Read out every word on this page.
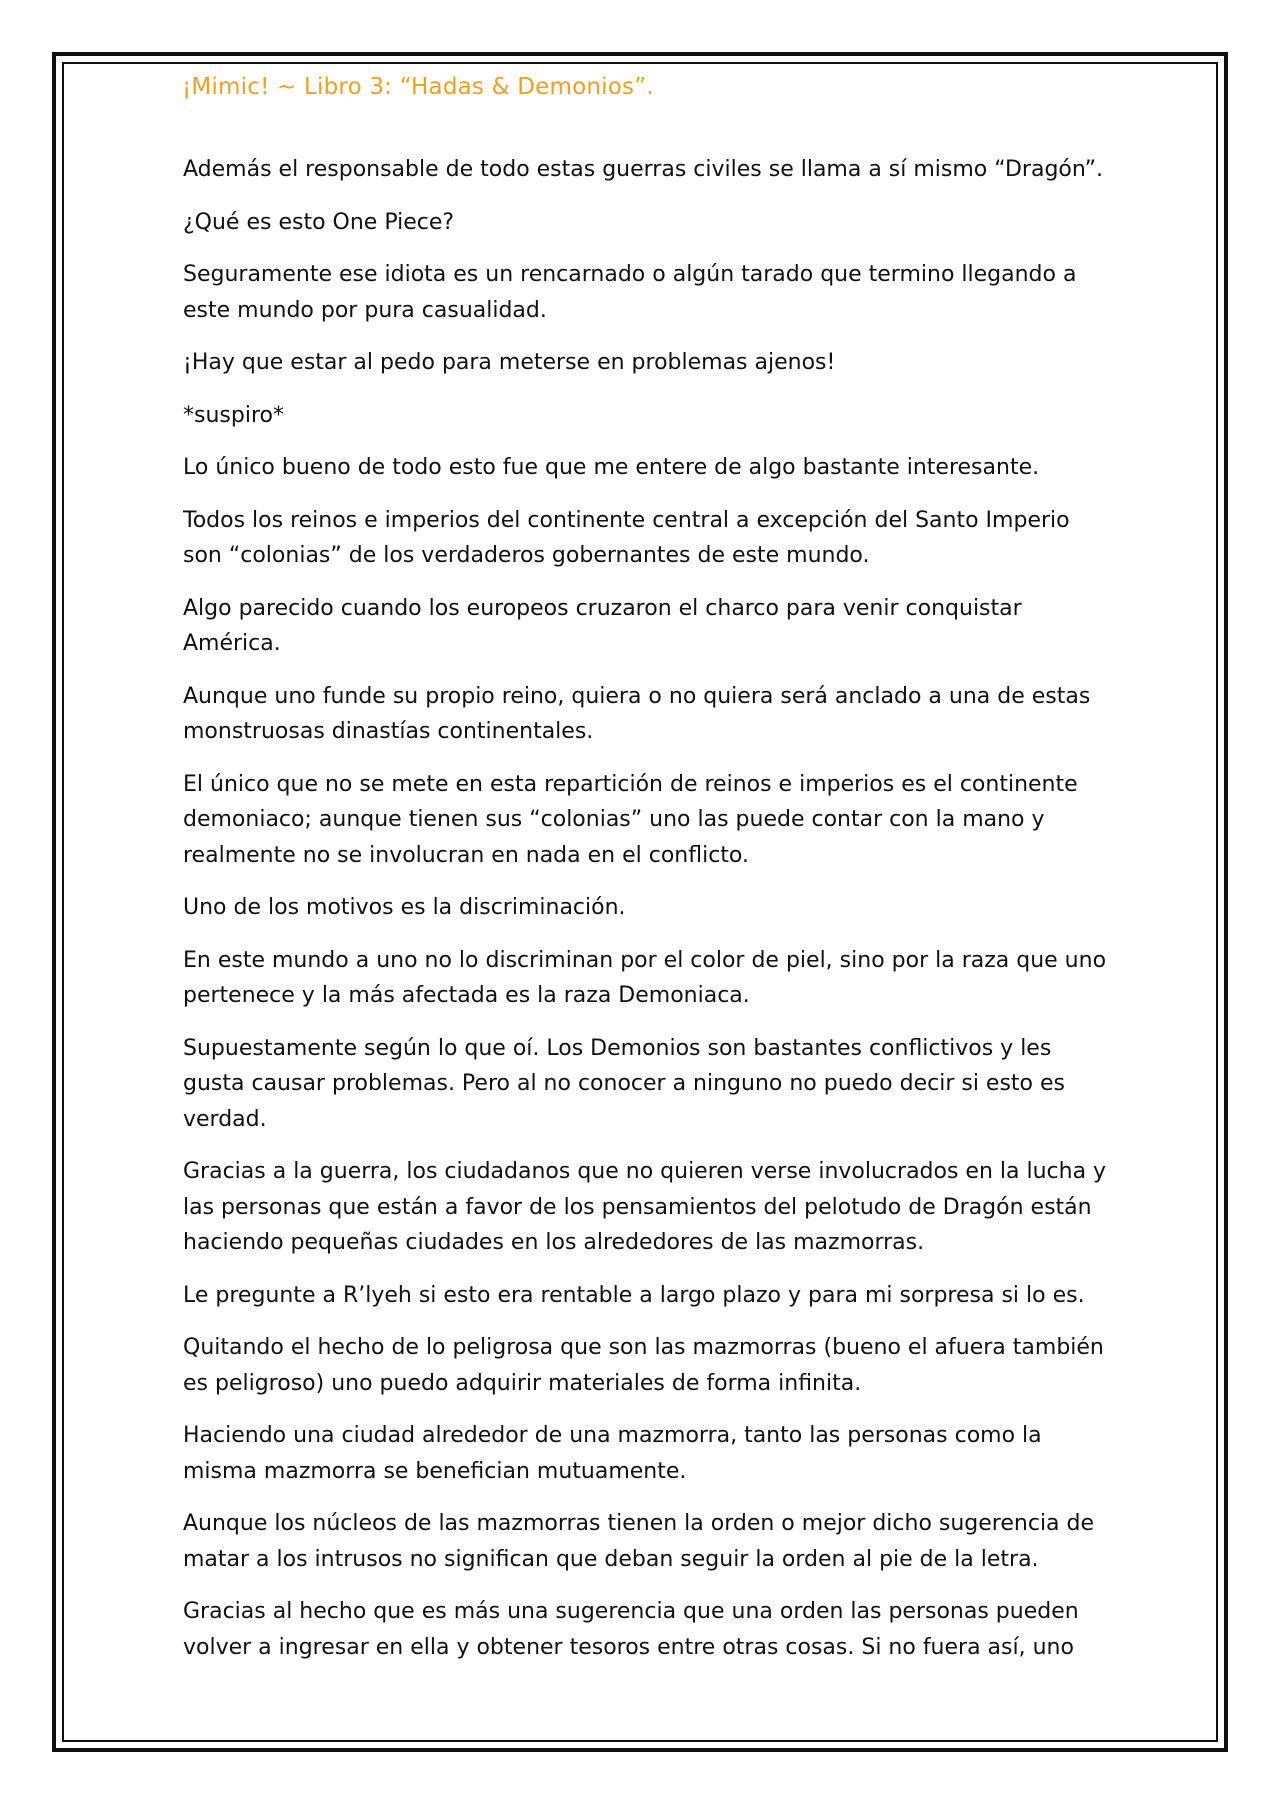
¡Mimic! ~ Libro 3: “Hadas & Demonios”.

Además el responsable de todo estas guerras civiles se llama a sí mismo “Dragón”.

¿Qué es esto One Piece?

Seguramente ese idiota es un rencarnado o algún tarado que termino llegando a este mundo por pura casualidad.

¡Hay que estar al pedo para meterse en problemas ajenos!

*suspiro*

Lo único bueno de todo esto fue que me entere de algo bastante interesante.

Todos los reinos e imperios del continente central a excepción del Santo Imperio son “colonias” de los verdaderos gobernantes de este mundo.

Algo parecido cuando los europeos cruzaron el charco para venir conquistar América.

Aunque uno funde su propio reino, quiera o no quiera será anclado a una de estas monstruosas dinastías continentales.

El único que no se mete en esta repartición de reinos e imperios es el continente demoniaco; aunque tienen sus “colonias” uno las puede contar con la mano y realmente no se involucran en nada en el conflicto.

Uno de los motivos es la discriminación.

En este mundo a uno no lo discriminan por el color de piel, sino por la raza que uno pertenece y la más afectada es la raza Demoniaca.

Supuestamente según lo que oí. Los Demonios son bastantes conflictivos y les gusta causar problemas. Pero al no conocer a ninguno no puedo decir si esto es verdad.

Gracias a la guerra, los ciudadanos que no quieren verse involucrados en la lucha y las personas que están a favor de los pensamientos del pelotudo de Dragón están haciendo pequeñas ciudades en los alrededores de las mazmorras.

Le pregunte a R’lyeh si esto era rentable a largo plazo y para mi sorpresa si lo es.

Quitando el hecho de lo peligrosa que son las mazmorras (bueno el afuera también es peligroso) uno puedo adquirir materiales de forma infinita.

Haciendo una ciudad alrededor de una mazmorra, tanto las personas como la misma mazmorra se benefician mutuamente.

Aunque los núcleos de las mazmorras tienen la orden o mejor dicho sugerencia de matar a los intrusos no significan que deban seguir la orden al pie de la letra.

Gracias al hecho que es más una sugerencia que una orden las personas pueden volver a ingresar en ella y obtener tesoros entre otras cosas. Si no fuera así, uno
